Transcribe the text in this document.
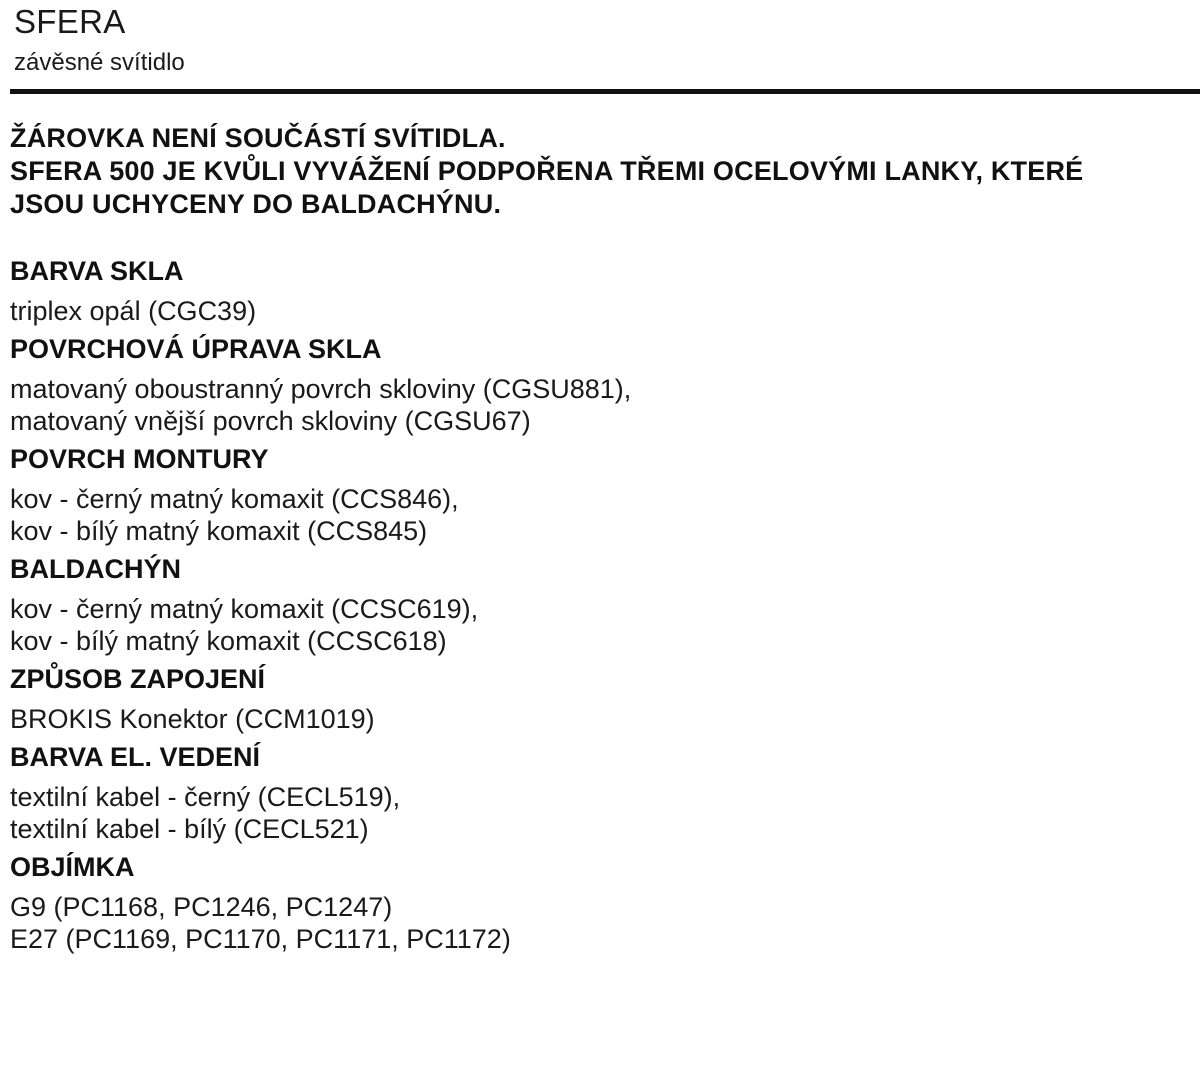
SFERA
závěsné svítidlo
ŽÁROVKA NENÍ SOUČÁSTÍ SVÍTIDLA.
SFERA 500 JE KVŮLI VYVÁŽENÍ PODPOŘENA TŘEMI OCELOVÝMI LANKY, KTERÉ
JSOU UCHYCENY DO BALDACHÝNU.
BARVA SKLA
triplex opál (CGC39)
POVRCHOVÁ ÚPRAVA SKLA
matovaný oboustranný povrch skloviny (CGSU881),
matovaný vnější povrch skloviny (CGSU67)
POVRCH MONTURY
kov - černý matný komaxit (CCS846),
kov - bílý matný komaxit (CCS845)
BALDACHÝN
kov - černý matný komaxit (CCSC619),
kov - bílý matný komaxit (CCSC618)
ZPŮSOB ZAPOJENÍ
BROKIS Konektor (CCM1019)
BARVA EL. VEDENÍ
textilní kabel - černý (CECL519),
textilní kabel - bílý (CECL521)
OBJÍMKA
G9 (PC1168, PC1246, PC1247)
E27 (PC1169, PC1170, PC1171, PC1172)
